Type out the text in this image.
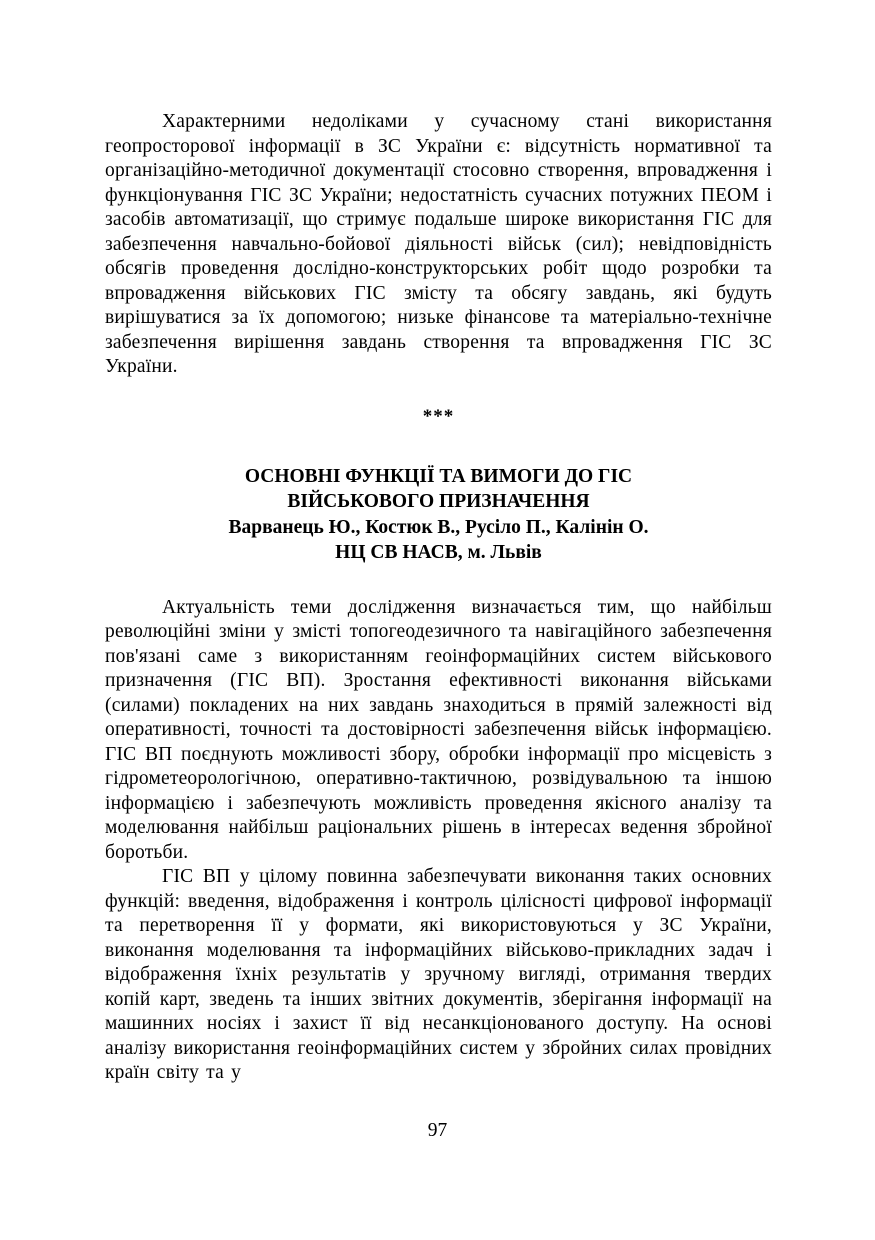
Характерними недоліками у сучасному стані використання геопросторової інформації в ЗС України є: відсутність нормативної та організаційно-методичної документації стосовно створення, впровадження і функціонування ГІС ЗС України; недостатність сучасних потужних ПЕОМ і засобів автоматизації, що стримує подальше широке використання ГІС для забезпечення навчально-бойової діяльності військ (сил); невідповідність обсягів проведення дослідно-конструкторських робіт щодо розробки та впровадження військових ГІС змісту та обсягу завдань, які будуть вирішуватися за їх допомогою; низьке фінансове та матеріально-технічне забезпечення вирішення завдань створення та впровадження ГІС ЗС України.

***

ОСНОВНІ ФУНКЦІЇ ТА ВИМОГИ ДО ГІС
ВІЙСЬКОВОГО ПРИЗНАЧЕННЯ
Варванець Ю., Костюк В., Русіло П., Калінін О.
НЦ СВ НАСВ, м. Львів

Актуальність теми дослідження визначається тим, що найбільш революційні зміни у змісті топогеодезичного та навігаційного забезпечення пов'язані саме з використанням геоінформаційних систем військового призначення (ГІС ВП). Зростання ефективності виконання військами (силами) покладених на них завдань знаходиться в прямій залежності від оперативності, точності та достовірності забезпечення військ інформацією. ГІС ВП поєднують можливості збору, обробки інформації про місцевість з гідрометеорологічною, оперативно-тактичною, розвідувальною та іншою інформацією і забезпечують можливість проведення якісного аналізу та моделювання найбільш раціональних рішень в інтересах ведення збройної боротьби.

ГІС ВП у цілому повинна забезпечувати виконання таких основних функцій: введення, відображення і контроль цілісності цифрової інформації та перетворення її у формати, які використовуються у ЗС України, виконання моделювання та інформаційних військово-прикладних задач і відображення їхніх результатів у зручному вигляді, отримання твердих копій карт, зведень та інших звітних документів, зберігання інформації на машинних носіях і захист її від несанкціонованого доступу. На основі аналізу використання геоінформаційних систем у збройних силах провідних країн світу та у

97
